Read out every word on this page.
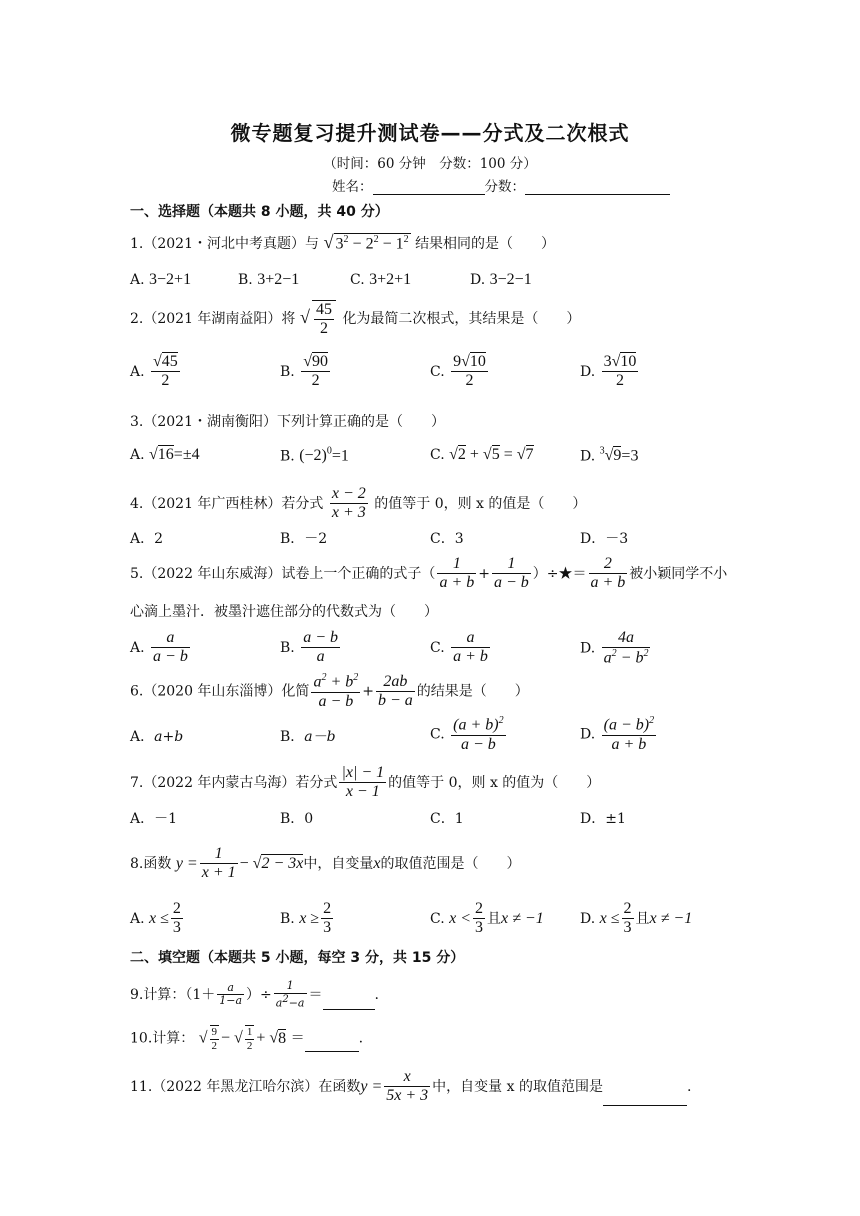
微专题复习提升测试卷——分式及二次根式
（时间：60 分钟　分数：100 分）
姓名：	分数：
一、选择题（本题共 8 小题，共 40 分）
1.（2021・河北中考真题）与 √ $3^2 - 2^2 - 1^2$ 结果相同的是（　　）
A. 3−2+1	B. 3+2−1	C. 3+2+1	D. 3−2−1
2.（2021 年湖南益阳）将 √ $\frac{45}{2}$ 化为最简二次根式，其结果是（　　）
A. $\frac{√45}{2}$	B. $\frac{√90}{2}$	C. $\frac{9√10}{2}$	D. $\frac{3√10}{2}$
3.（2021・湖南衡阳）下列计算正确的是（　　）
A. √16=±4	B. $(-2)^0=1$	C. √2 + √5 = √7	D. $^3$√9=3
4.（2021 年广西桂林）若分式 $\frac{x - 2}{x + 3}$ 的值等于 0，则 x 的值是（　　）
A．2	B．－2	C．3	D．－3
5.（2022 年山东威海）试卷上一个正确的式子（ $\frac{1}{a + b} + \frac{1}{a - b}$ ）÷★＝ $\frac{2}{a + b}$ 被小颖同学不小
心滴上墨汁．被墨汁遮住部分的代数式为（　　）
A. $\frac{a}{a - b}$	B. $\frac{a - b}{a}$	C. $\frac{a}{a + b}$	D. $\frac{4a}{a^2 - b^2}$
6.（2020 年山东淄博）化简 $\frac{a^2 + b^2}{a - b} + \frac{2ab}{b - a}$ 的结果是（　　）
A．a+b	B．a－b	C. $\frac{(a + b)^2}{a - b}$	D. $\frac{(a - b)^2}{a + b}$
7.（2022 年内蒙古乌海）若分式 $\frac{|x| - 1}{x - 1}$ 的值等于 0，则 x 的值为（　　）
A．－1	B．0	C．1	D．±1
8.函数 $y = \frac{1}{x + 1} - √2 - 3x$中，自变量x的取值范围是（　　）
A. $x \le \frac{2}{3}$	B. $x \ge \frac{2}{3}$	C. $x < \frac{2}{3}$ 且x ≠ −1	D. $x \le \frac{2}{3}$ 且x ≠ −1
二、填空题（本题共 5 小题，每空 3 分，共 15 分）
9.计算：（$1+ \frac{a}{1-a}$ ）÷ $\frac{1}{a^2-a}$ ＝	.
10.计算： √ $\frac{9}{2}$ − √ $\frac{1}{2} + √8$ ＝	.
11.（2022 年黑龙江哈尔滨）在函数$y = \frac{x}{5x + 3}$ 中，自变量 x 的取值范围是	.
